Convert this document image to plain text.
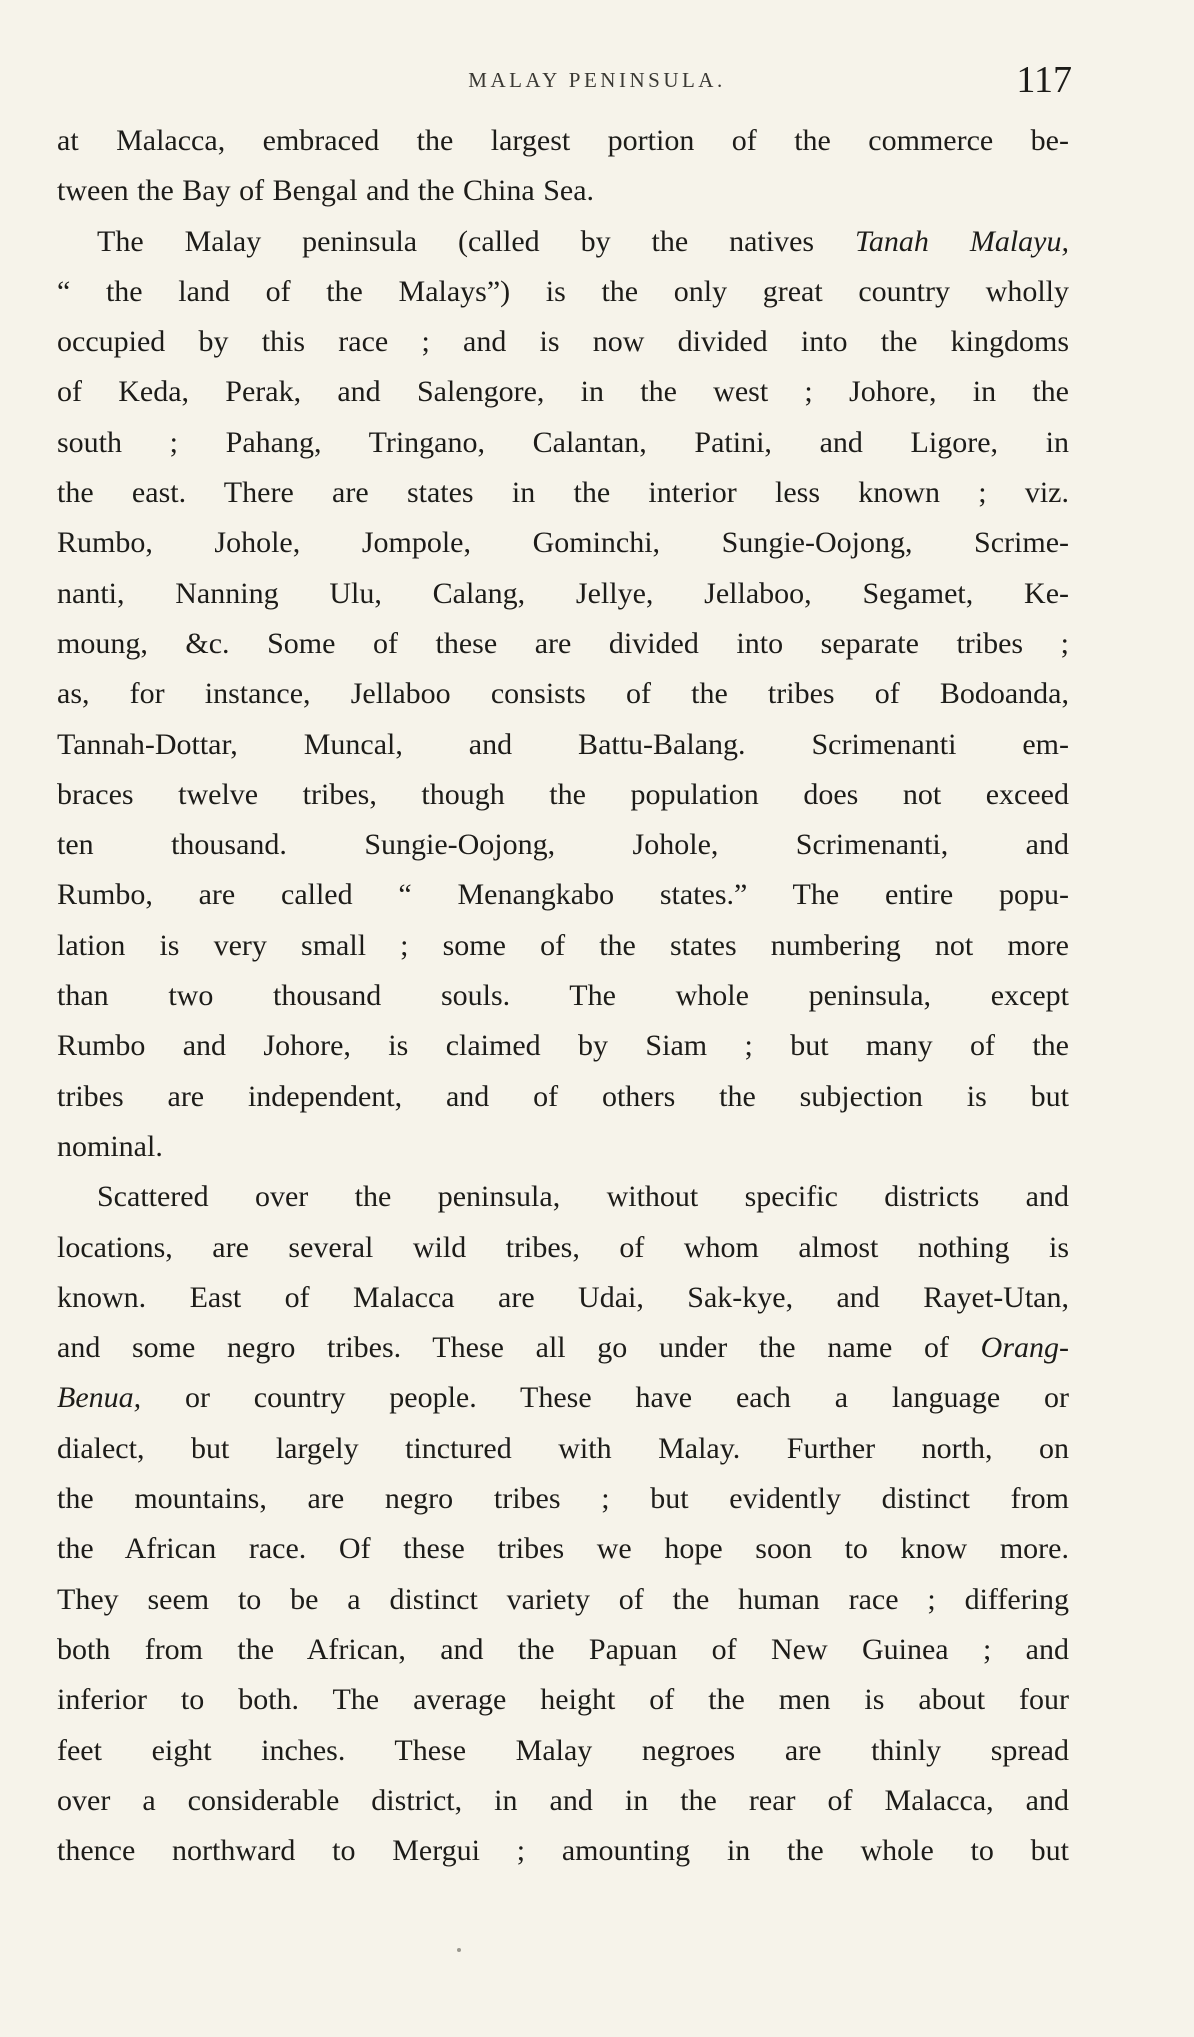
MALAY PENINSULA.	117
at Malacca, embraced the largest portion of the commerce be-
tween the Bay of Bengal and the China Sea.
The Malay peninsula (called by the natives Tanah Malayu,
“ the land of the Malays”) is the only great country wholly
occupied by this race ; and is now divided into the kingdoms
of Keda, Perak, and Salengore, in the west ; Johore, in the
south ; Pahang, Tringano, Calantan, Patini, and Ligore, in
the east. There are states in the interior less known ; viz.
Rumbo, Johole, Jompole, Gominchi, Sungie-Oojong, Scrime-
nanti, Nanning Ulu, Calang, Jellye, Jellaboo, Segamet, Ke-
moung, &c. Some of these are divided into separate tribes ;
as, for instance, Jellaboo consists of the tribes of Bodoanda,
Tannah-Dottar, Muncal, and Battu-Balang. Scrimenanti em-
braces twelve tribes, though the population does not exceed
ten thousand. Sungie-Oojong, Johole, Scrimenanti, and
Rumbo, are called “ Menangkabo states.” The entire popu-
lation is very small ; some of the states numbering not more
than two thousand souls. The whole peninsula, except
Rumbo and Johore, is claimed by Siam ; but many of the
tribes are independent, and of others the subjection is but
nominal.
Scattered over the peninsula, without specific districts and
locations, are several wild tribes, of whom almost nothing is
known. East of Malacca are Udai, Sak-kye, and Rayet-Utan,
and some negro tribes. These all go under the name of Orang-
Benua, or country people. These have each a language or
dialect, but largely tinctured with Malay. Further north, on
the mountains, are negro tribes ; but evidently distinct from
the African race. Of these tribes we hope soon to know more.
They seem to be a distinct variety of the human race ; differing
both from the African, and the Papuan of New Guinea ; and
inferior to both. The average height of the men is about four
feet eight inches. These Malay negroes are thinly spread
over a considerable district, in and in the rear of Malacca, and
thence northward to Mergui ; amounting in the whole to but
